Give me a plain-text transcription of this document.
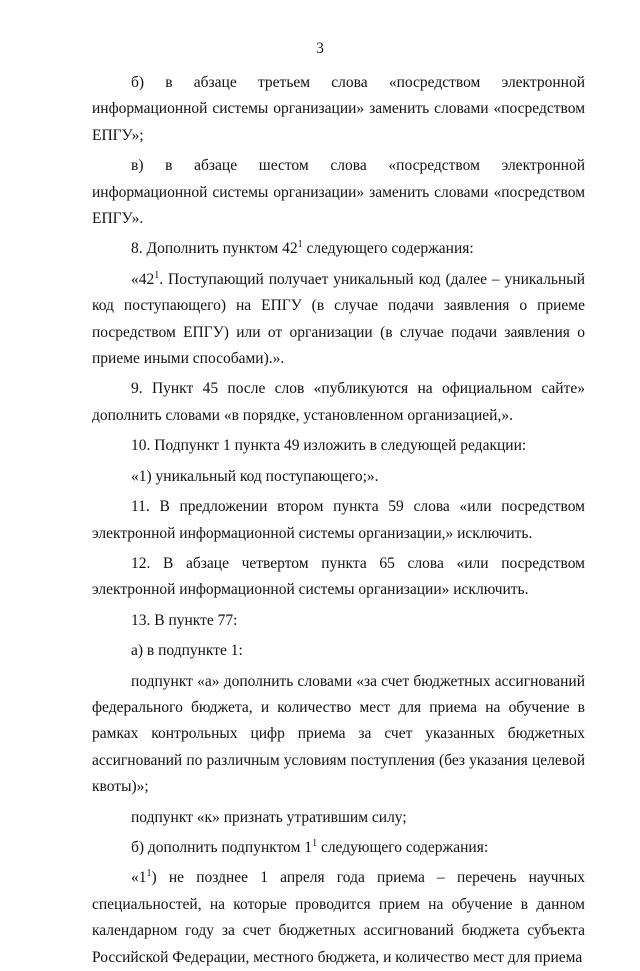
3

б) в абзаце третьем слова «посредством электронной информационной системы организации» заменить словами «посредством ЕПГУ»;

в) в абзаце шестом слова «посредством электронной информационной системы организации» заменить словами «посредством ЕПГУ».

8. Дополнить пунктом $42^1$ следующего содержания:

«$42^1$. Поступающий получает уникальный код (далее – уникальный код поступающего) на ЕПГУ (в случае подачи заявления о приеме посредством ЕПГУ) или от организации (в случае подачи заявления о приеме иными способами).».

9. Пункт 45 после слов «публикуются на официальном сайте» дополнить словами «в порядке, установленном организацией,».

10. Подпункт 1 пункта 49 изложить в следующей редакции:

«1) уникальный код поступающего;».

11. В предложении втором пункта 59 слова «или посредством электронной информационной системы организации,» исключить.

12. В абзаце четвертом пункта 65 слова «или посредством электронной информационной системы организации» исключить.

13. В пункте 77:

а) в подпункте 1:

подпункт «а» дополнить словами «за счет бюджетных ассигнований федерального бюджета, и количество мест для приема на обучение в рамках контрольных цифр приема за счет указанных бюджетных ассигнований по различным условиям поступления (без указания целевой квоты)»;

подпункт «к» признать утратившим силу;

б) дополнить подпунктом $1^1$ следующего содержания:

«$1^1$) не позднее 1 апреля года приема – перечень научных специальностей, на которые проводится прием на обучение в данном календарном году за счет бюджетных ассигнований бюджета субъекта Российской Федерации, местного бюджета, и количество мест для приема
